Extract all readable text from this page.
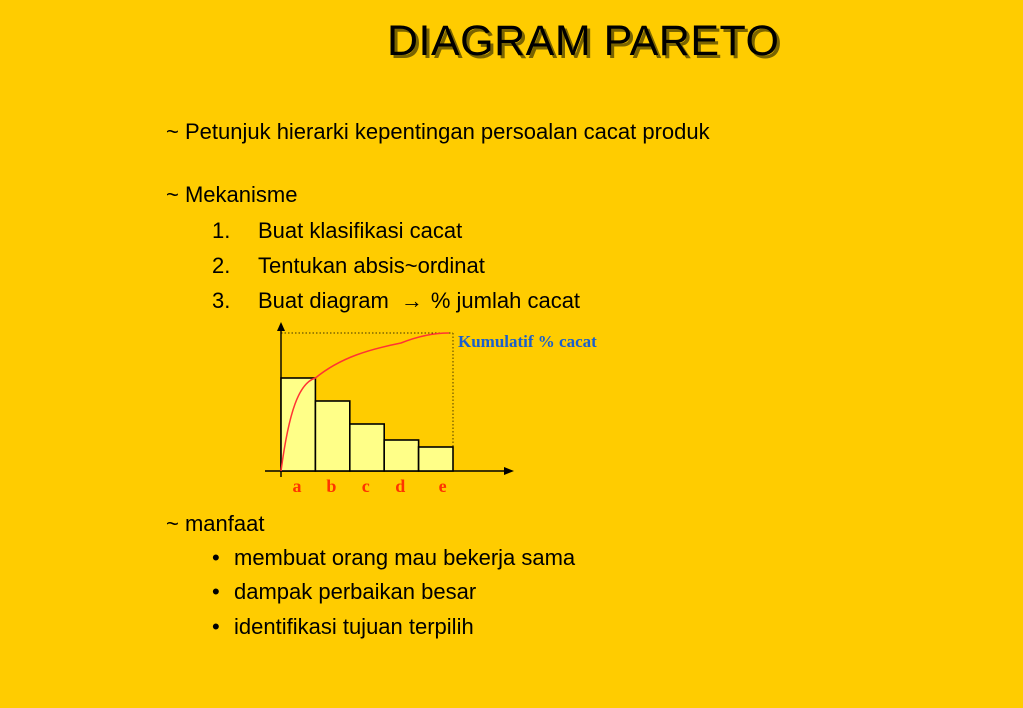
DIAGRAM PARETO
~ Petunjuk hierarki kepentingan persoalan cacat produk
~ Mekanisme
1. Buat klasifikasi cacat
2. Tentukan absis~ordinat
3. Buat diagram → % jumlah cacat
a b c d e
Kumulatif % cacat
~ manfaat
• membuat orang mau bekerja sama
• dampak perbaikan besar
• identifikasi tujuan terpilih
